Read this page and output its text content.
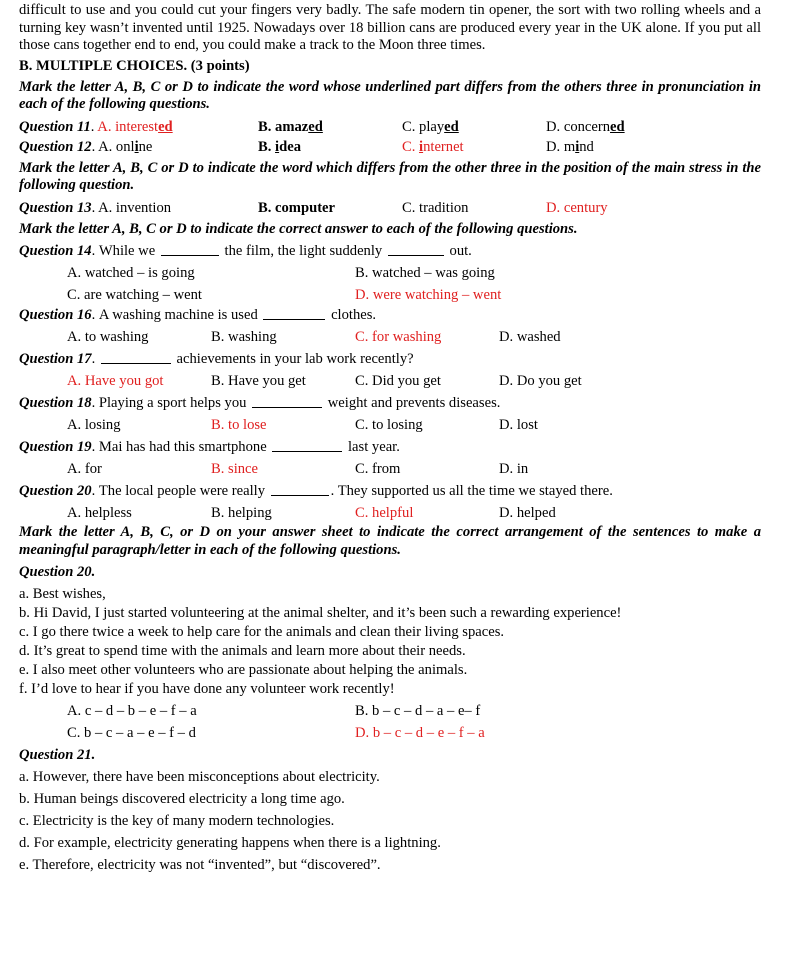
difficult to use and you could cut your fingers very badly. The safe modern tin opener, the sort with two rolling wheels and a turning key wasn’t invented until 1925. Nowadays over 18 billion cans are produced every year in the UK alone. If you put all those cans together end to end, you could make a track to the Moon three times.
B. MULTIPLE CHOICES. (3 points)
Mark the letter A, B, C or D to indicate the word whose underlined part differs from the others three in pronunciation in each of the following questions.
Question 11. A. interested	B. amazed	C. played	D. concerned
Question 12. A. online	B. idea	C. internet	D. mind
Mark the letter A, B, C or D to indicate the word which differs from the other three in the position of the main stress in the following question.
Question 13. A. invention	B. computer	C. tradition	D. century
Mark the letter A, B, C or D to indicate the correct answer to each of the following questions.
Question 14 . While we

	the film, the light suddenly

	out.
A. watched – is going	B. watched – was going
C. are watching – went	D. were watching – went
Question 16 . A washing machine is used

	clothes.
A. to washing	B. washing	C. for washing	D. washed
Question 17 .
	achievements in your lab work recently?
A. Have you got	B. Have you get	C. Did you get	D. Do you get
Question 18 . Playing a sport helps you

	weight and prevents diseases.
A. losing	B. to lose	C. to losing	D. lost
Question 19 . Mai has had this smartphone

	last year.
A. for	B. since	C. from	D. in
Question 20 . The local people were really
	. They supported us all the time we stayed there.
A. helpless	B. helping	C. helpful	D. helped
Mark the letter A, B, C, or D on your answer sheet to indicate the correct arrangement of the sentences to make a meaningful paragraph/letter in each of the following questions.
Question 20 .
a. Best wishes,
b. Hi David, I just started volunteering at the animal shelter, and it’s been such a rewarding experience!
c. I go there twice a week to help care for the animals and clean their living spaces.
d. It’s great to spend time with the animals and learn more about their needs.
e. I also meet other volunteers who are passionate about helping the animals.
f. I’d love to hear if you have done any volunteer work recently!
A. c – d – b – e – f – a	B. b – c – d – a – e– f
C. b – c – a – e – f – d	D. b – c – d – e – f – a
Question 21 .
a. However, there have been misconceptions about electricity.
b. Human beings discovered electricity a long time ago.
c. Electricity is the key of many modern technologies.
d. For example, electricity generating happens when there is a lightning.
e. Therefore, electricity was not “invented”, but “discovered”.
